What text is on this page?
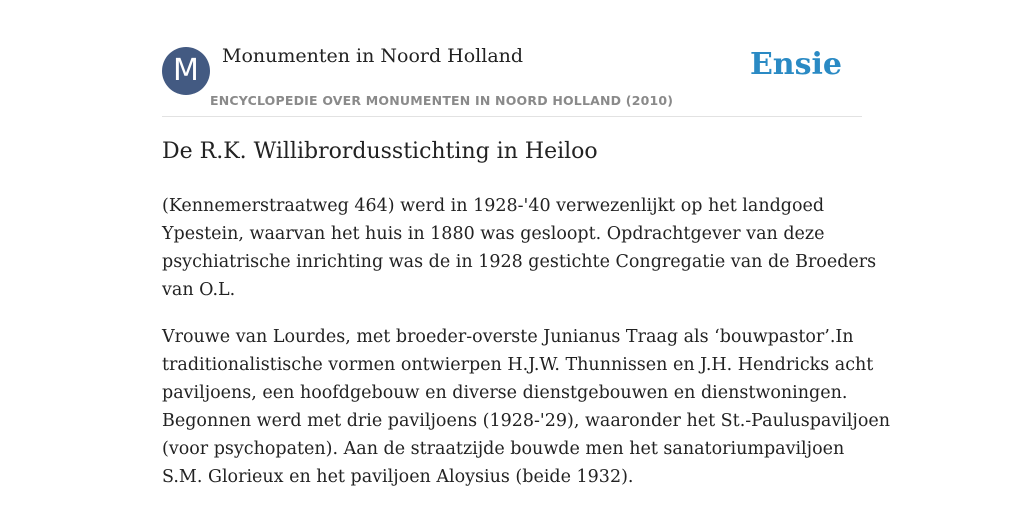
M	Monumenten in Noord Holland
ENCYCLOPEDIE OVER MONUMENTEN IN NOORD HOLLAND (2010)
Ensie
De R.K. Willibrordusstichting in Heiloo

(Kennemerstraatweg 464) werd in 1928-'40 verwezenlijkt op het landgoed
Ypestein, waarvan het huis in 1880 was gesloopt. Opdrachtgever van deze
psychiatrische inrichting was de in 1928 gestichte Congregatie van de Broeders
van O.L.

Vrouwe van Lourdes, met broeder-overste Junianus Traag als ‘bouwpastor’.In
traditionalistische vormen ontwierpen H.J.W. Thunnissen en J.H. Hendricks acht
paviljoens, een hoofdgebouw en diverse dienstgebouwen en dienstwoningen.
Begonnen werd met drie paviljoens (1928-'29), waaronder het St.-Pauluspaviljoen
(voor psychopaten). Aan de straatzijde bouwde men het sanatoriumpaviljoen
S.M. Glorieux en het paviljoen Aloysius (beide 1932).
